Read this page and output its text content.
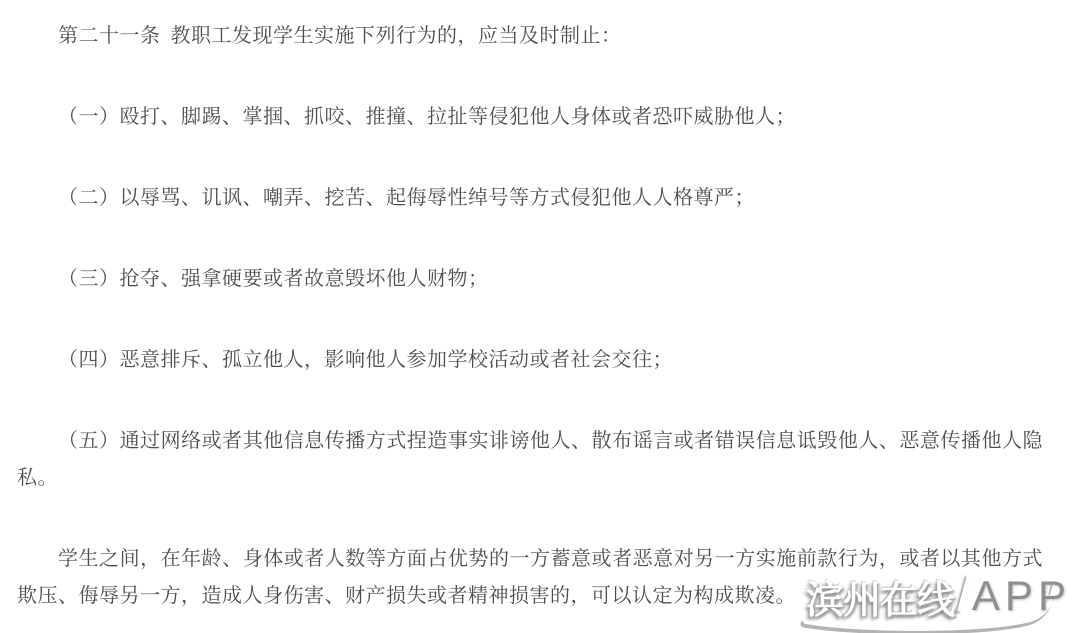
第二十一条 教职工发现学生实施下列行为的，应当及时制止：

（一）殴打、脚踢、掌掴、抓咬、推撞、拉扯等侵犯他人身体或者恐吓威胁他人；

（二）以辱骂、讥讽、嘲弄、挖苦、起侮辱性绰号等方式侵犯他人人格尊严；

（三）抢夺、强拿硬要或者故意毁坏他人财物；

（四）恶意排斥、孤立他人，影响他人参加学校活动或者社会交往；

（五）通过网络或者其他信息传播方式捏造事实诽谤他人、散布谣言或者错误信息诋毁他人、恶意传播他人隐私。

学生之间，在年龄、身体或者人数等方面占优势的一方蓄意或者恶意对另一方实施前款行为，或者以其他方式欺压、侮辱另一方，造成人身伤害、财产损失或者精神损害的，可以认定为构成欺凌。 滨州在线 / APP
